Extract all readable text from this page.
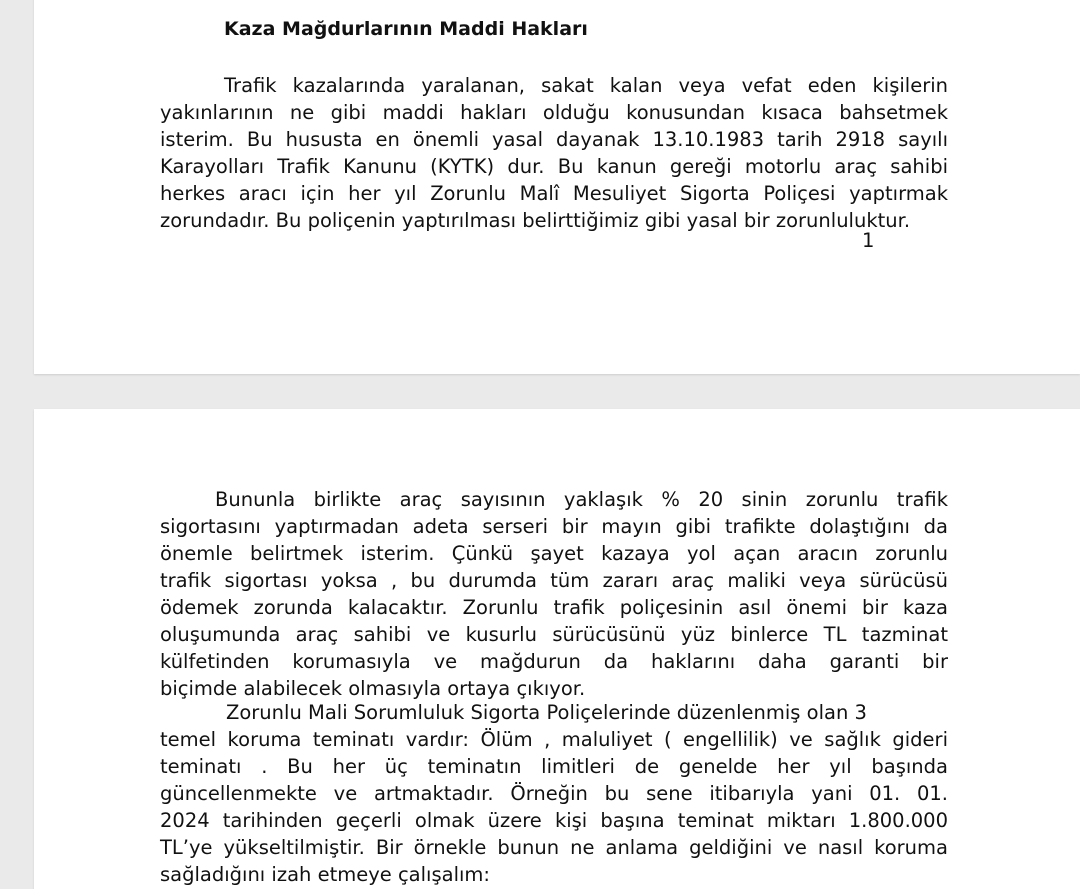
Kaza Mağdurlarının Maddi Hakları
Trafik kazalarında yaralanan, sakat kalan veya vefat eden kişilerin
yakınlarının ne gibi maddi hakları olduğu konusundan kısaca bahsetmek
isterim. Bu hususta en önemli yasal dayanak 13.10.1983 tarih 2918 sayılı
Karayolları Trafik Kanunu (KYTK) dur. Bu kanun gereği motorlu araç sahibi
herkes aracı için her yıl Zorunlu Malî Mesuliyet Sigorta Poliçesi yaptırmak
zorundadır. Bu poliçenin yaptırılması belirttiğimiz gibi yasal bir zorunluluktur.

1

Bununla birlikte araç sayısının yaklaşık % 20 sinin zorunlu trafik
sigortasını yaptırmadan adeta serseri bir mayın gibi trafikte dolaştığını da
önemle belirtmek isterim. Çünkü şayet kazaya yol açan aracın zorunlu
trafik sigortası yoksa , bu durumda tüm zararı araç maliki veya sürücüsü
ödemek zorunda kalacaktır. Zorunlu trafik poliçesinin asıl önemi bir kaza
oluşumunda araç sahibi ve kusurlu sürücüsünü yüz binlerce TL tazminat
külfetinden korumasıyla ve mağdurun da haklarını daha garanti bir
biçimde alabilecek olmasıyla ortaya çıkıyor.
Zorunlu Mali Sorumluluk Sigorta Poliçelerinde düzenlenmiş olan 3
temel koruma teminatı vardır: Ölüm , maluliyet ( engellilik) ve sağlık gideri
teminatı . Bu her üç teminatın limitleri de genelde her yıl başında
güncellenmekte ve artmaktadır. Örneğin bu sene itibarıyla yani 01. 01.
2024 tarihinden geçerli olmak üzere kişi başına teminat miktarı 1.800.000
TL’ye yükseltilmiştir. Bir örnekle bunun ne anlama geldiğini ve nasıl koruma
sağladığını izah etmeye çalışalım:
